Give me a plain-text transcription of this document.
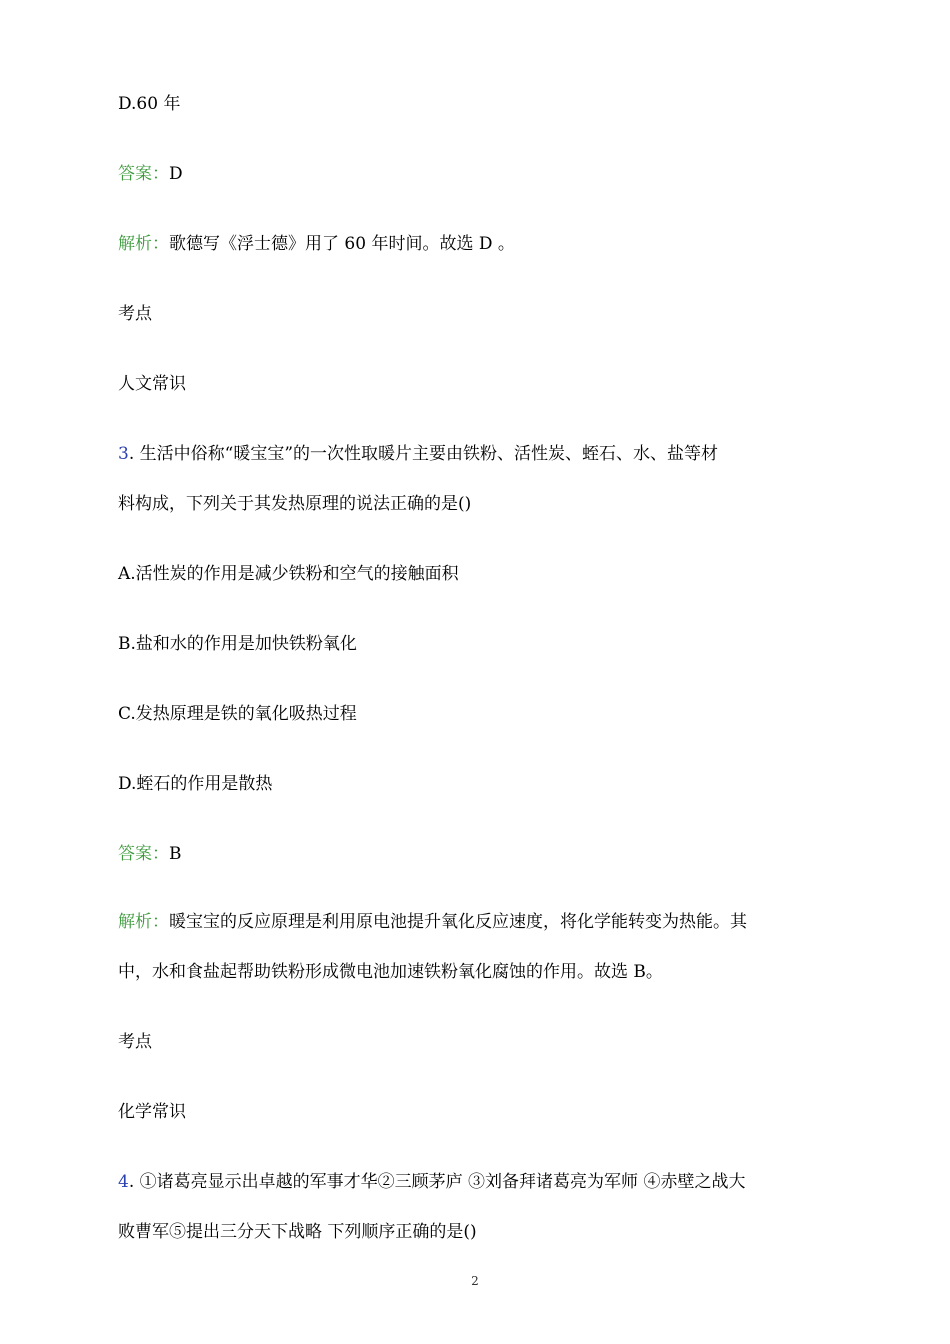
D.60 年
答案：D
解析：歌德写《浮士德》用了 60 年时间。故选 D 。
考点
人文常识
3. 生活中俗称“暖宝宝”的一次性取暖片主要由铁粉、活性炭、蛭石、水、盐等材
料构成，下列关于其发热原理的说法正确的是()
A.活性炭的作用是减少铁粉和空气的接触面积
B.盐和水的作用是加快铁粉氧化
C.发热原理是铁的氧化吸热过程
D.蛭石的作用是散热
答案：B
解析：暖宝宝的反应原理是利用原电池提升氧化反应速度，将化学能转变为热能。其
中，水和食盐起帮助铁粉形成微电池加速铁粉氧化腐蚀的作用。故选 B。
考点
化学常识
4. ①诸葛亮显示出卓越的军事才华②三顾茅庐 ③刘备拜诸葛亮为军师 ④赤壁之战大
败曹军⑤提出三分天下战略 下列顺序正确的是()
2
